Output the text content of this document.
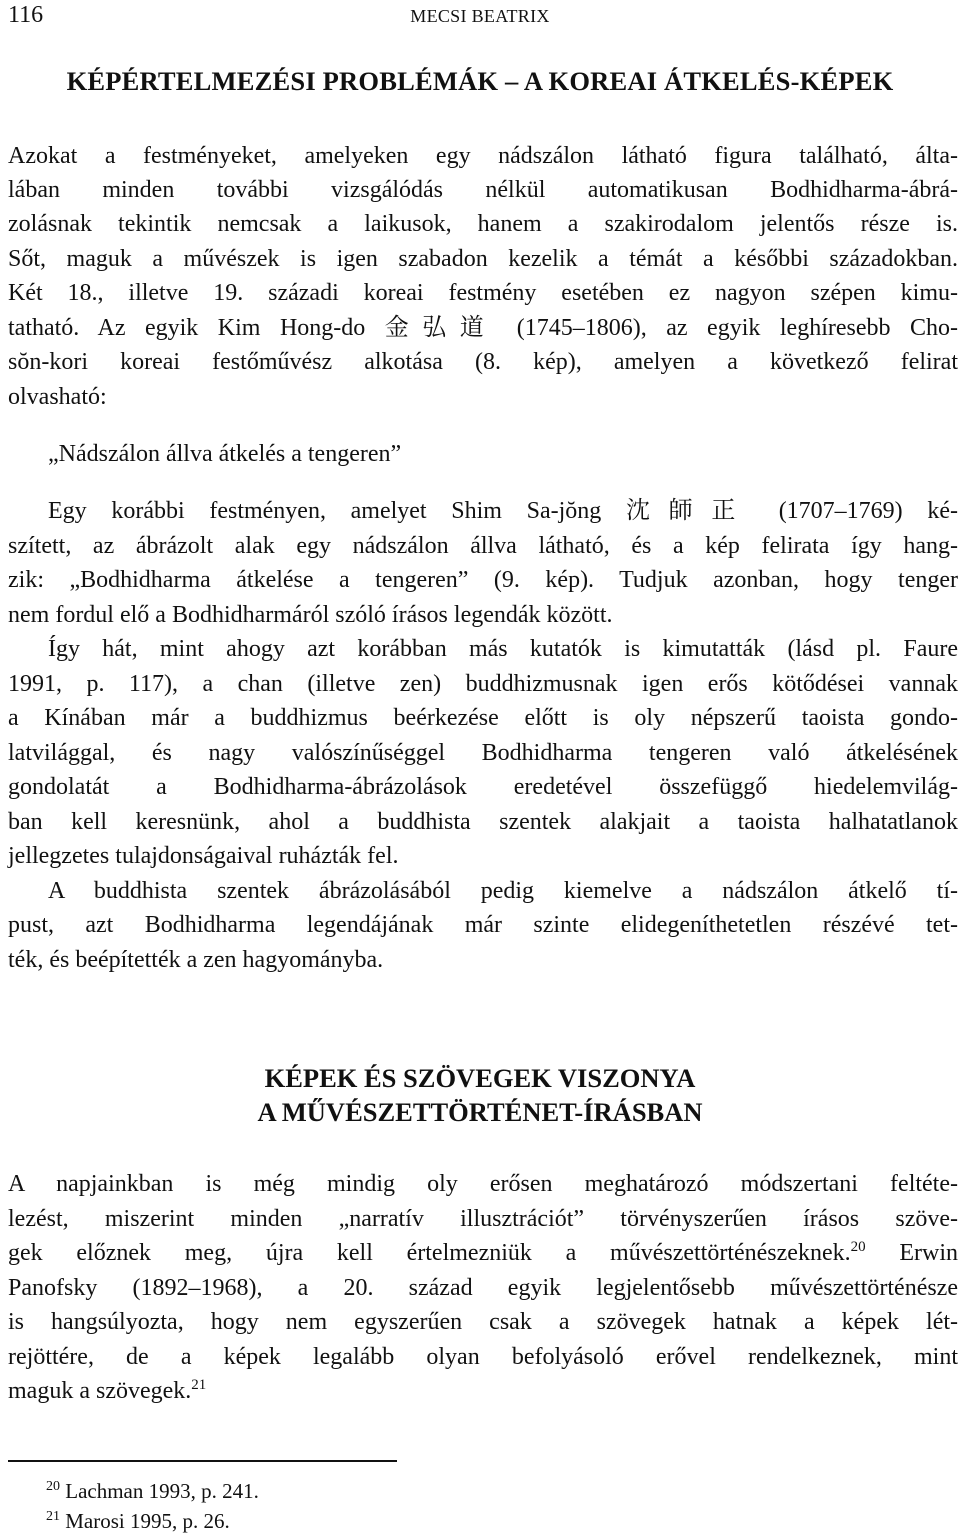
116	MECSI BEATRIX
KÉPÉRTELMEZÉSI PROBLÉMÁK – A KOREAI ÁTKELÉS-KÉPEK
Azokat a festményeket, amelyeken egy nádszálon látható figura található, álta-
lában minden további vizsgálódás nélkül automatikusan Bodhidharma-ábrá-
zolásnak tekintik nemcsak a laikusok, hanem a szakirodalom jelentős része is.
Sőt, maguk a művészek is igen szabadon kezelik a témát a későbbi századokban.
Két 18., illetve 19. századi koreai festmény esetében ez nagyon szépen kimu-
tatható. Az egyik Kim Hong-do 金弘道 (1745–1806), az egyik leghíresebb Cho-
sŏn-kori koreai festőművész alkotása (8. kép), amelyen a következő felirat
olvasható:
„Nádszálon állva átkelés a tengeren”
Egy korábbi festményen, amelyet Shim Sa-jŏng 沈師正 (1707–1769) ké-
szített, az ábrázolt alak egy nádszálon állva látható, és a kép felirata így hang-
zik: „Bodhidharma átkelése a tengeren” (9. kép). Tudjuk azonban, hogy tenger
nem fordul elő a Bodhidharmáról szóló írásos legendák között.
Így hát, mint ahogy azt korábban más kutatók is kimutatták (lásd pl. Faure
1991, p. 117), a chan (illetve zen) buddhizmusnak igen erős kötődései vannak
a Kínában már a buddhizmus beérkezése előtt is oly népszerű taoista gondo-
latvilággal, és nagy valószínűséggel Bodhidharma tengeren való átkelésének
gondolatát a Bodhidharma-ábrázolások eredetével összefüggő hiedelemvilág-
ban kell keresnünk, ahol a buddhista szentek alakjait a taoista halhatatlanok
jellegzetes tulajdonságaival ruházták fel.
A buddhista szentek ábrázolásából pedig kiemelve a nádszálon átkelő tí-
pust, azt Bodhidharma legendájának már szinte elidegeníthetetlen részévé tet-
ték, és beépítették a zen hagyományba.
KÉPEK ÉS SZÖVEGEK VISZONYA
A MŰVÉSZETTÖRTÉNET-ÍRÁSBAN
A napjainkban is még mindig oly erősen meghatározó módszertani feltéte-
lezést, miszerint minden „narratív illusztrációt” törvényszerűen írásos szöve-
gek előznek meg, újra kell értelmezniük a művészettörténészeknek.$^{20}$ Erwin
Panofsky (1892–1968), a 20. század egyik legjelentősebb művészettörténésze
is hangsúlyozta, hogy nem egyszerűen csak a szövegek hatnak a képek lét-
rejöttére, de a képek legalább olyan befolyásoló erővel rendelkeznek, mint
maguk a szövegek.$^{21}$
$^{20}$ Lachman 1993, p. 241.
$^{21}$ Marosi 1995, p. 26.
